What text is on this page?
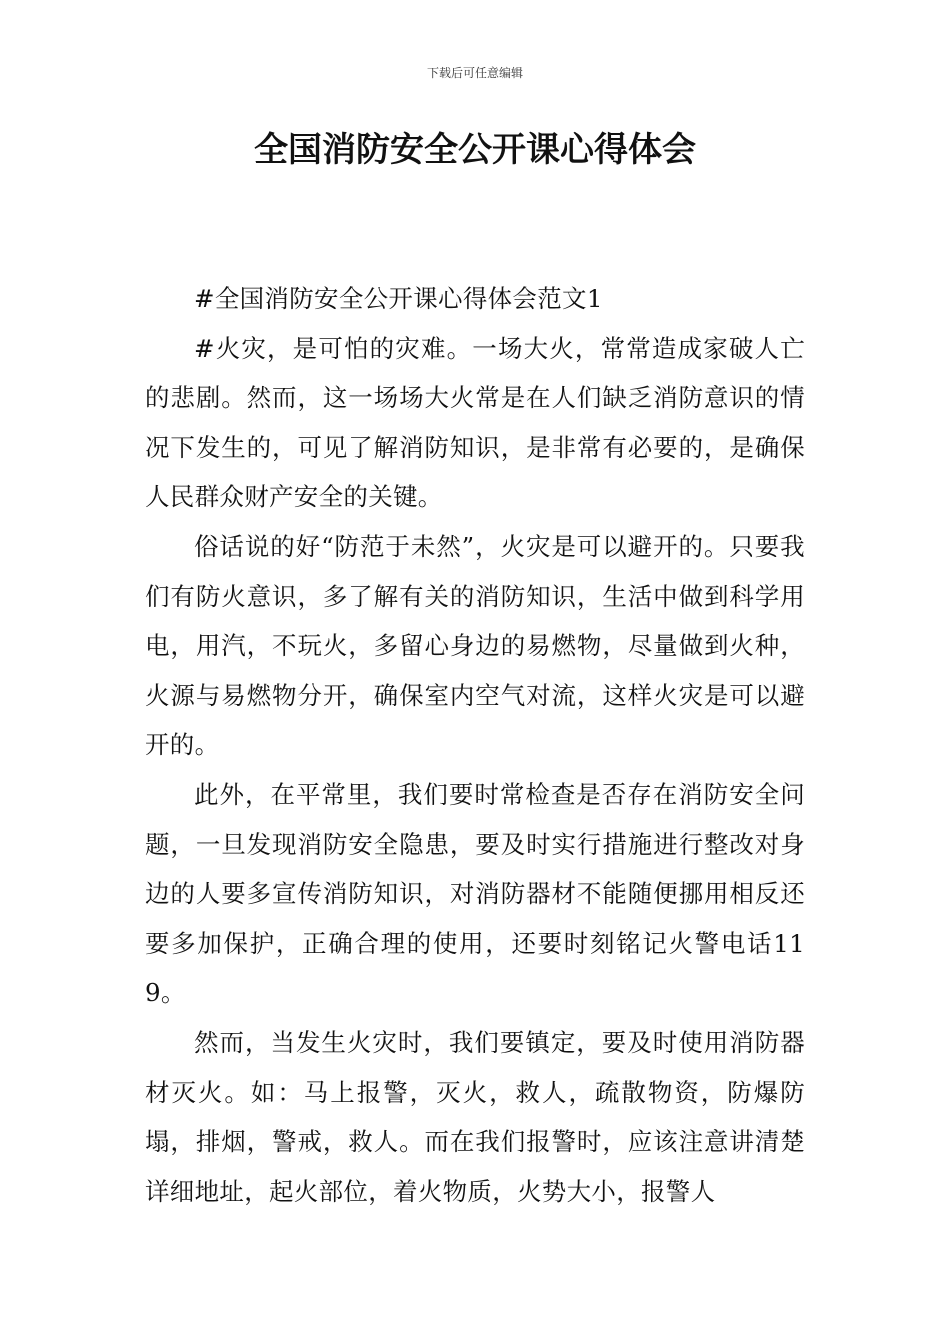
下载后可任意编辑
全国消防安全公开课心得体会

#全国消防安全公开课心得体会范文1

#火灾，是可怕的灾难。一场大火，常常造成家破人亡的悲剧。然而，这一场场大火常是在人们缺乏消防意识的情况下发生的，可见了解消防知识，是非常有必要的，是确保人民群众财产安全的关键。

俗话说的好“防范于未然”，火灾是可以避开的。只要我们有防火意识，多了解有关的消防知识，生活中做到科学用电，用汽，不玩火，多留心身边的易燃物，尽量做到火种，火源与易燃物分开，确保室内空气对流，这样火灾是可以避开的。

此外，在平常里，我们要时常检查是否存在消防安全问题，一旦发现消防安全隐患，要及时实行措施进行整改对身边的人要多宣传消防知识，对消防器材不能随便挪用相反还要多加保护，正确合理的使用，还要时刻铭记火警电话119。

然而，当发生火灾时，我们要镇定，要及时使用消防器材灭火。如：马上报警，灭火，救人，疏散物资，防爆防塌，排烟，警戒，救人。而在我们报警时，应该注意讲清楚详细地址，起火部位，着火物质，火势大小，报警人
